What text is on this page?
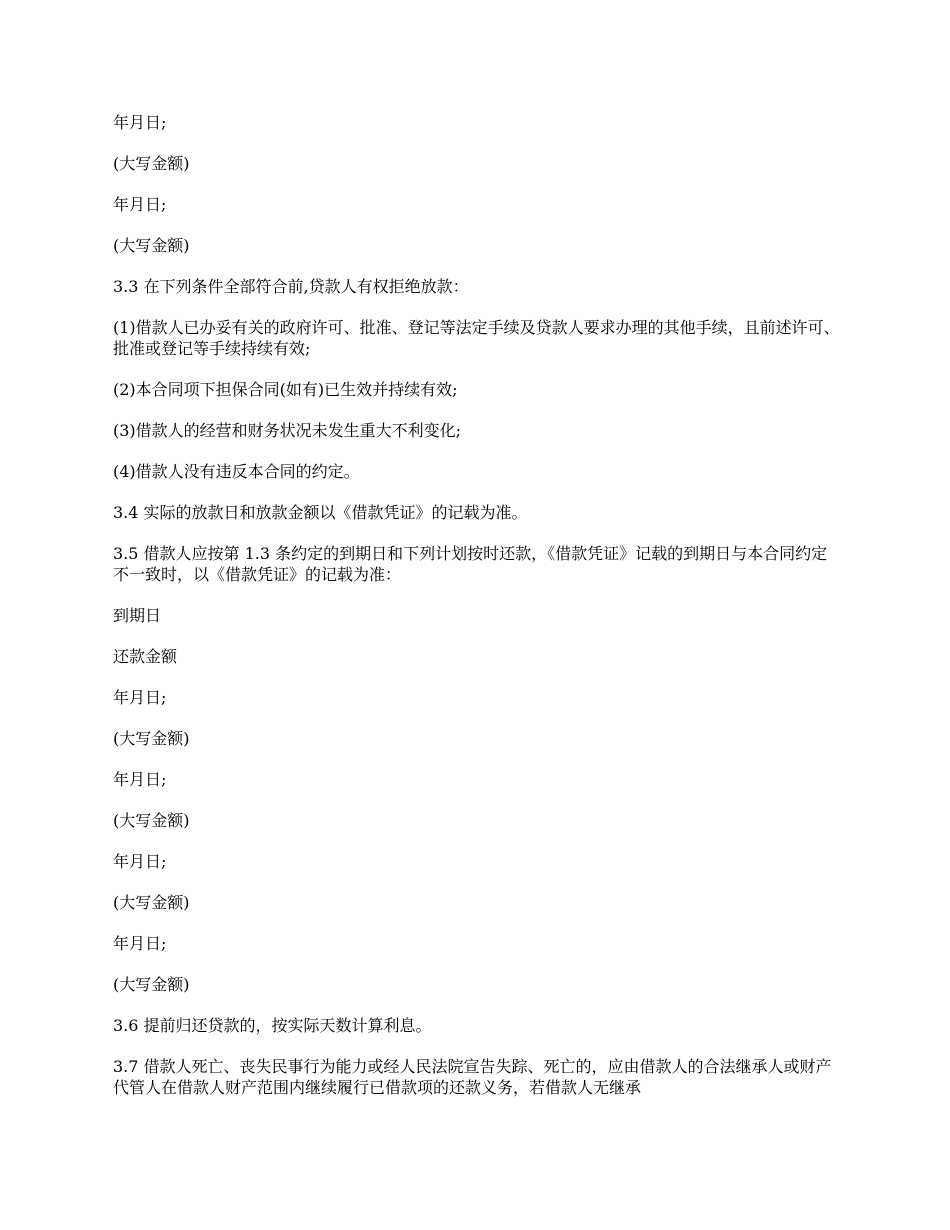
年月日;

(大写金额)

年月日;

(大写金额)

3.3 在下列条件全部符合前,贷款人有权拒绝放款：

(1)借款人已办妥有关的政府许可、批准、登记等法定手续及贷款人要求办理的其他手续，且前述许可、批准或登记等手续持续有效;

(2)本合同项下担保合同(如有)已生效并持续有效;

(3)借款人的经营和财务状况未发生重大不利变化;

(4)借款人没有违反本合同的约定。

3.4 实际的放款日和放款金额以《借款凭证》的记载为准。

3.5 借款人应按第 1.3 条约定的到期日和下列计划按时还款，《借款凭证》记载的到期日与本合同约定不一致时，以《借款凭证》的记载为准：

到期日

还款金额

年月日;

(大写金额)

年月日;

(大写金额)

年月日;

(大写金额)

年月日;

(大写金额)

3.6 提前归还贷款的，按实际天数计算利息。

3.7 借款人死亡、丧失民事行为能力或经人民法院宣告失踪、死亡的，应由借款人的合法继承人或财产代管人在借款人财产范围内继续履行已借款项的还款义务，若借款人无继承
